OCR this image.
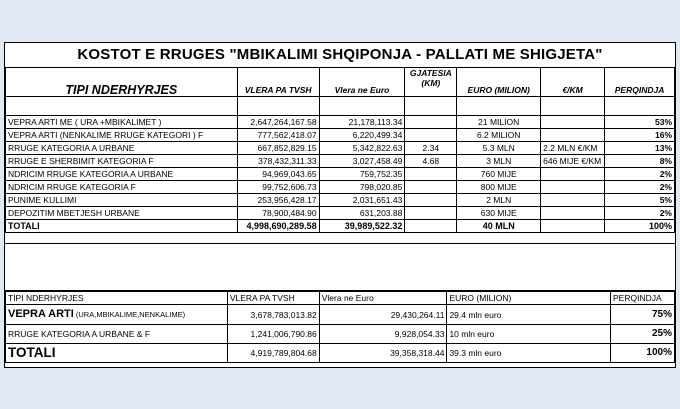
KOSTOT E RRUGES "MBIKALIMI SHQIPONJA - PALLATI ME SHIGJETA"
TIPI NDERHYRJES	VLERA PA TVSH	Vlera ne Euro	GJATESIA (KM)	EURO (MILION)	€/KM	PERQINDJA

VEPRA ARTI ME ( URA +MBIKALIMET )	2,647,264,167.58	21,178,113.34		21 MILION		53%
VEPRA ARTI (NENKALIME RRUGE KATEGORI ) F	777,562,418.07	6,220,499.34		6.2 MILION		16%
RRUGE KATEGORIA A URBANE	667,852,829.15	5,342,822.63	2.34	5.3 MLN	2.2 MLN €/KM	13%
RRUGE E SHERBIMIT KATEGORIA F	378,432,311.33	3,027,458.49	4.68	3 MLN	646 MIJE €/KM	8%
NDRICIM RRUGE KATEGORIA A URBANE	94,969,043.65	759,752.35		760 MIJE		2%
NDRICIM RRUGE KATEGORIA F	99,752,606.73	798,020.85		800 MIJE		2%
PUNIME KULLIMI	253,956,428.17	2,031,651.43		2 MLN		5%
DEPOZITIM MBETJESH URBANE	78,900,484.90	631,203.88		630 MIJE		2%
TOTALI	4,998,690,289.58	39,989,522.32		40 MLN		100%
TIPI NDERHYRJES	VLERA PA TVSH	Vlera ne Euro	EURO (MILION)	PERQINDJA
VEPRA ARTI (URA,MBIKALIME,NENKALIME)	3,678,783,013.82	29,430,264.11	29.4 mln euro	75%
RRUGE KATEGORIA A URBANE & F	1,241,006,790.86	9,928,054.33	10 mln euro	25%
TOTALI	4,919,789,804.68	39,358,318.44	39.3 mln euro	100%
